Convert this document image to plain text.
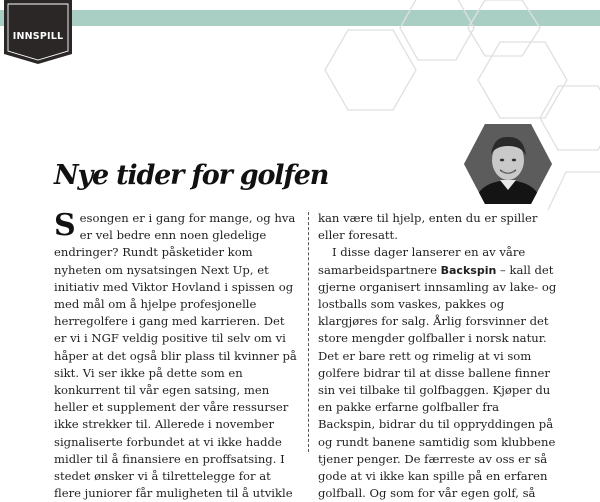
INNSPILL
Nye tider for golfen

Sesongen er i gang for mange, og hva er vel bedre enn noen gledelige endringer? Rundt påsketider kom nyheten om nysatsingen Next Up, et initiativ med Viktor Hovland i spissen og med mål om å hjelpe profesjonelle herregolfere i gang med karrieren. Det er vi i NGF veldig positive til selv om vi håper at det også blir plass til kvinner på sikt. Vi ser ikke på dette som en konkurrent til vår egen satsing, men heller et supplement der våre ressurser ikke strekker til. Allerede i november signaliserte forbundet at vi ikke hadde midler til å finansiere en proffsatsing. I stedet ønsker vi å tilrettelegge for at flere juniorer får muligheten til å utvikle

kan være til hjelp, enten du er spiller eller foresatt.

I disse dager lanserer en av våre samarbeidspartnere Backspin – kall det gjerne organisert innsamling av lake- og lostballs som vaskes, pakkes og klargjøres for salg. Årlig forsvinner det store mengder golfballer i norsk natur. Det er bare rett og rimelig at vi som golfere bidrar til at disse ballene finner sin vei tilbake til golfbaggen. Kjøper du en pakke erfarne golfballer fra Backspin, bidrar du til oppryddingen på og rundt banene samtidig som klubbene tjener penger. De færreste av oss er så gode at vi ikke kan spille på en erfaren golfball. Og som for vår egen golf, så
